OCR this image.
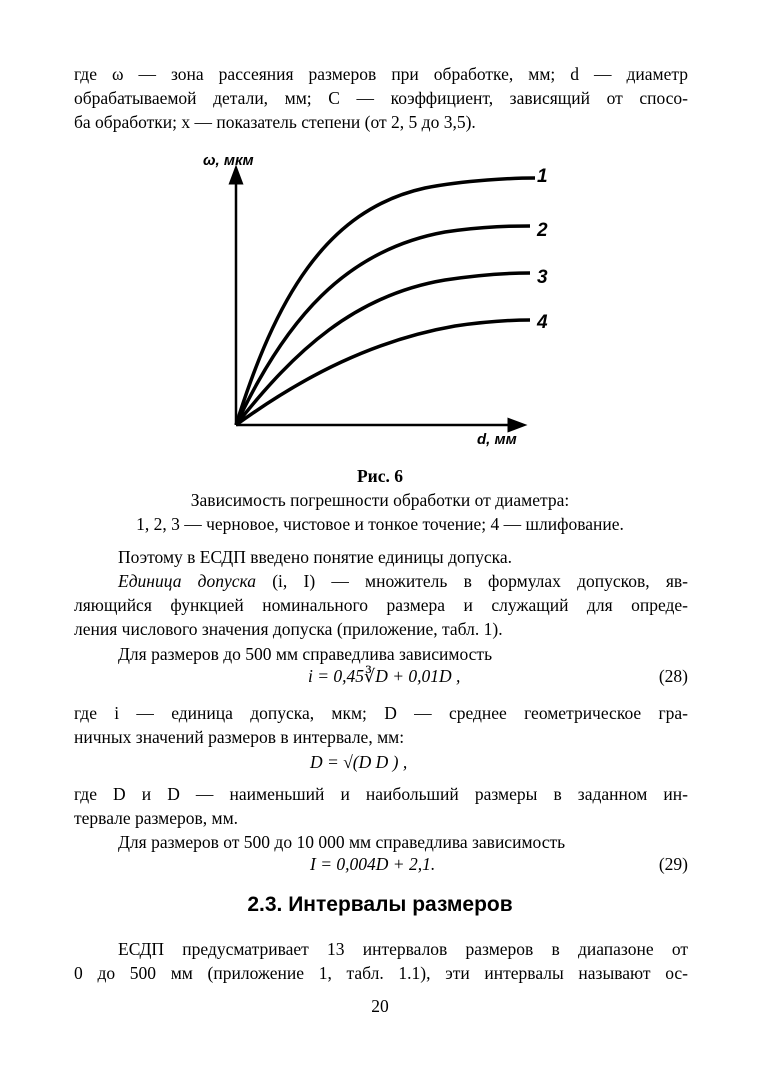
где ω — зона рассеяния размеров при обработке, мм; d — диаметр
обрабатываемой детали, мм; C — коэффициент, зависящий от спосо-
ба обработки; x — показатель степени (от 2, 5 до 3,5).
ω, мкм
d, мм
1
2
3
4
Рис. 6
Зависимость погрешности обработки от диаметра:
1, 2, 3 — черновое, чистовое и тонкое точение; 4 — шлифование.
Поэтому в ЕСДП введено понятие единицы допуска.
Единица допуска (i, I) — множитель в формулах допусков, яв-
ляющийся функцией номинального размера и служащий для опреде-
ления числового значения допуска (приложение, табл. 1).
Для размеров до 500 мм справедлива зависимость
i = 0,45∛D + 0,01D ,	(28)
где i — единица допуска, мкм; D — среднее геометрическое гра-
ничных значений размеров в интервале, мм:
D = √(D D ) ,
где D и D — наименьший и наибольший размеры в заданном ин-
тервале размеров, мм.
Для размеров от 500 до 10 000 мм справедлива зависимость
I = 0,004D + 2,1.	(29)
2.3. Интервалы размеров
ЕСДП предусматривает 13 интервалов размеров в диапазоне от
0 до 500 мм (приложение 1, табл. 1.1), эти интервалы называют ос-
20
